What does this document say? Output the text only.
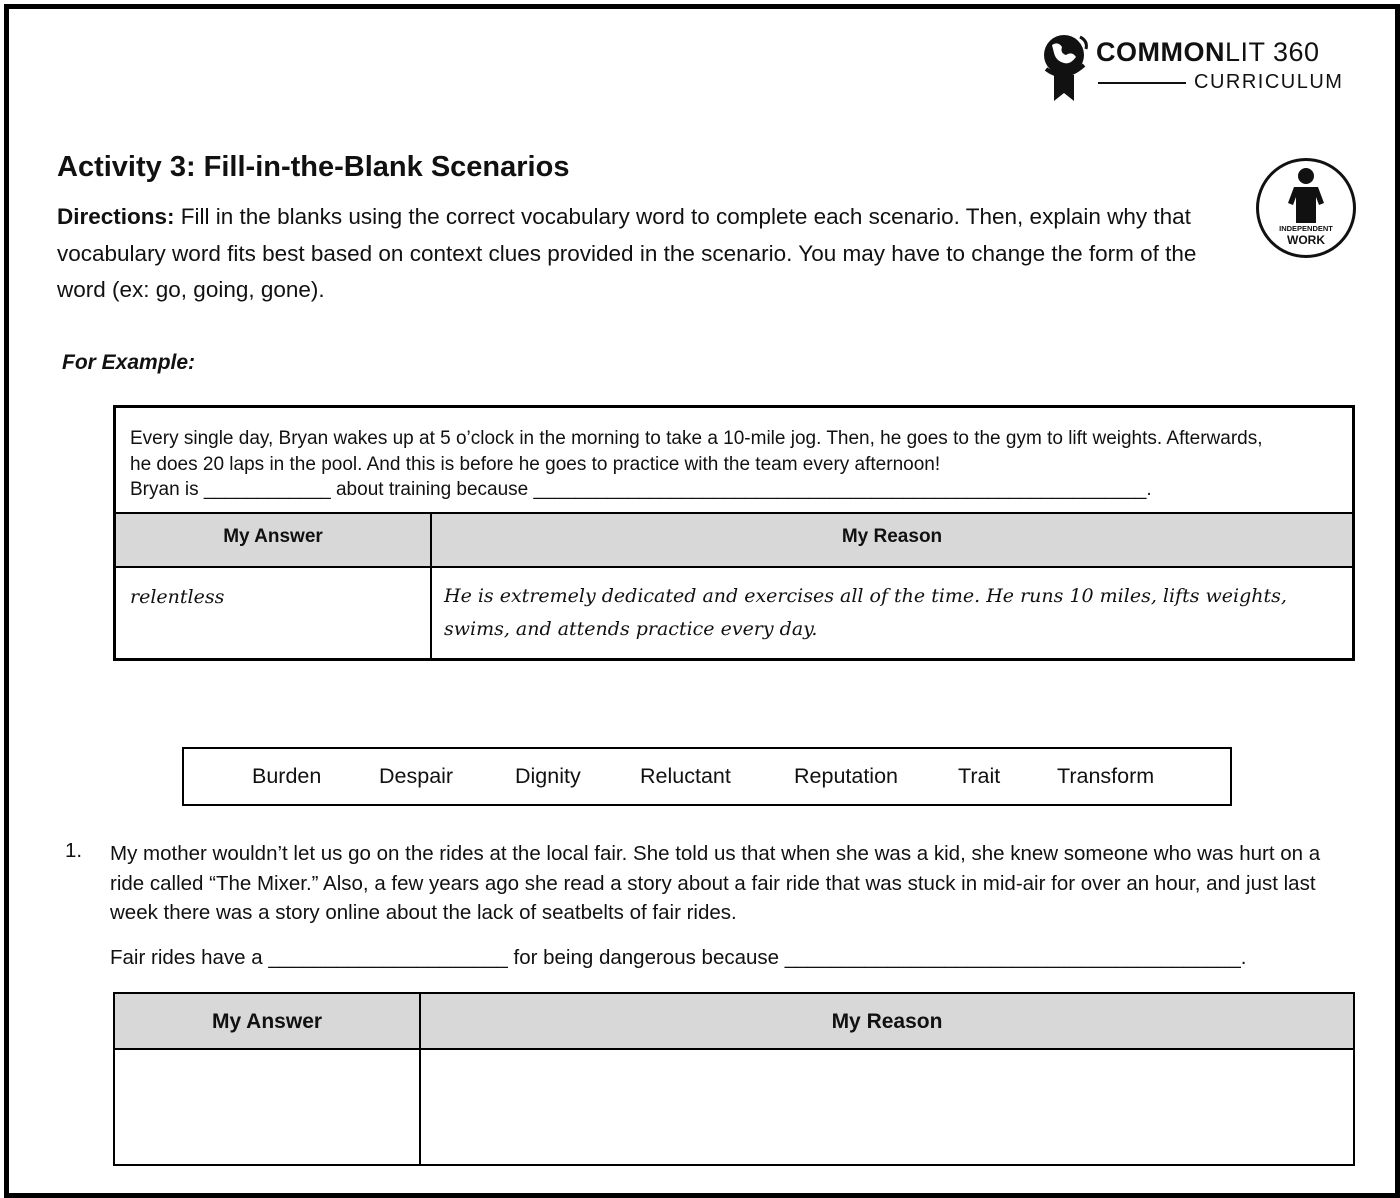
COMMONLIT 360
CURRICULUM
Activity 3: Fill-in-the-Blank Scenarios
Directions: Fill in the blanks using the correct vocabulary word to complete each scenario. Then, explain why that vocabulary word fits best based on context clues provided in the scenario. You may have to change the form of the word (ex: go, going, gone).
INDEPENDENT
WORK
For Example:
Every single day, Bryan wakes up at 5 o’clock in the morning to take a 10-mile jog. Then, he goes to the gym to lift weights. Afterwards,
he does 20 laps in the pool. And this is before he goes to practice with the team every afternoon!
Bryan is ____________ about training because __________________________________________________________.
My Answer	My Reason
relentless	He is extremely dedicated and exercises all of the time. He runs 10 miles, lifts weights, swims, and attends practice every day.
Burden	Despair	Dignity	Reluctant	Reputation	Trait	Transform
1. My mother wouldn’t let us go on the rides at the local fair. She told us that when she was a kid, she knew someone who was hurt on a ride called “The Mixer.” Also, a few years ago she read a story about a fair ride that was stuck in mid-air for over an hour, and just last week there was a story online about the lack of seatbelts of fair rides.
Fair rides have a _____________________ for being dangerous because ________________________________________.
My Answer	My Reason
